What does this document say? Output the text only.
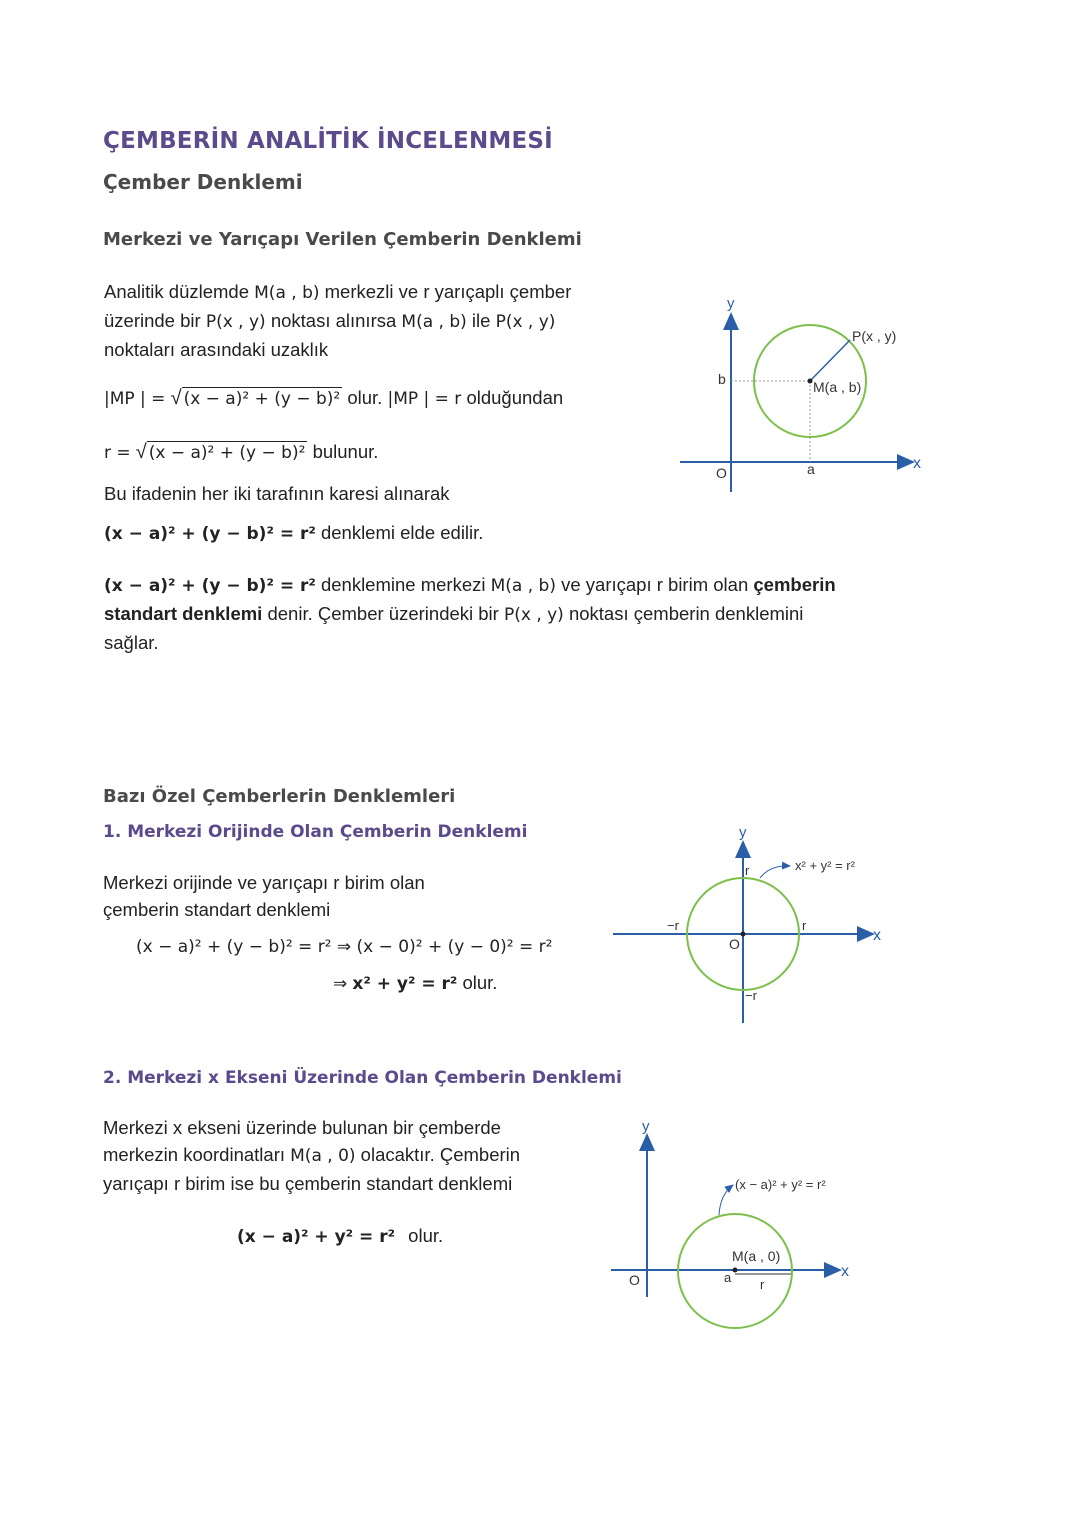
ÇEMBERİN ANALİTİK İNCELENMESİ
Çember Denklemi
Merkezi ve Yarıçapı Verilen Çemberin Denklemi
Analitik düzlemde M(a , b) merkezli ve r yarıçaplı çember
üzerinde bir P(x , y) noktası alınırsa M(a , b) ile P(x , y)
noktaları arasındaki uzaklık
|MP | = √ (x − a)² + (y − b)² olur. |MP | = r olduğundan
r = √ (x − a)² + (y − b)² bulunur.
Bu ifadenin her iki tarafının karesi alınarak
(x − a)² + (y − b)² = r² denklemi elde edilir.
(x − a)² + (y − b)² = r² denklemine merkezi M(a , b) ve yarıçapı r birim olan çemberin
standart denklemi denir. Çember üzerindeki bir P(x , y) noktası çemberin denklemini
sağlar.
y
x
O
b
a
M(a , b)
P(x , y)
Bazı Özel Çemberlerin Denklemleri
1. Merkezi Orijinde Olan Çemberin Denklemi
Merkezi orijinde ve yarıçapı r birim olan
çemberin standart denklemi
(x − a)² + (y − b)² = r² ⇒ (x − 0)² + (y − 0)² = r²
⇒ x² + y² = r² olur.
y
x
O
r
r
−r
−r
x² + y² = r²
2. Merkezi x Ekseni Üzerinde Olan Çemberin Denklemi
Merkezi x ekseni üzerinde bulunan bir çemberde
merkezin koordinatları M(a , 0) olacaktır. Çemberin
yarıçapı r birim ise bu çemberin standart denklemi
(x − a)² + y² = r² olur.
y
x
O	a r
M(a , 0)
(x − a)² + y² = r²
